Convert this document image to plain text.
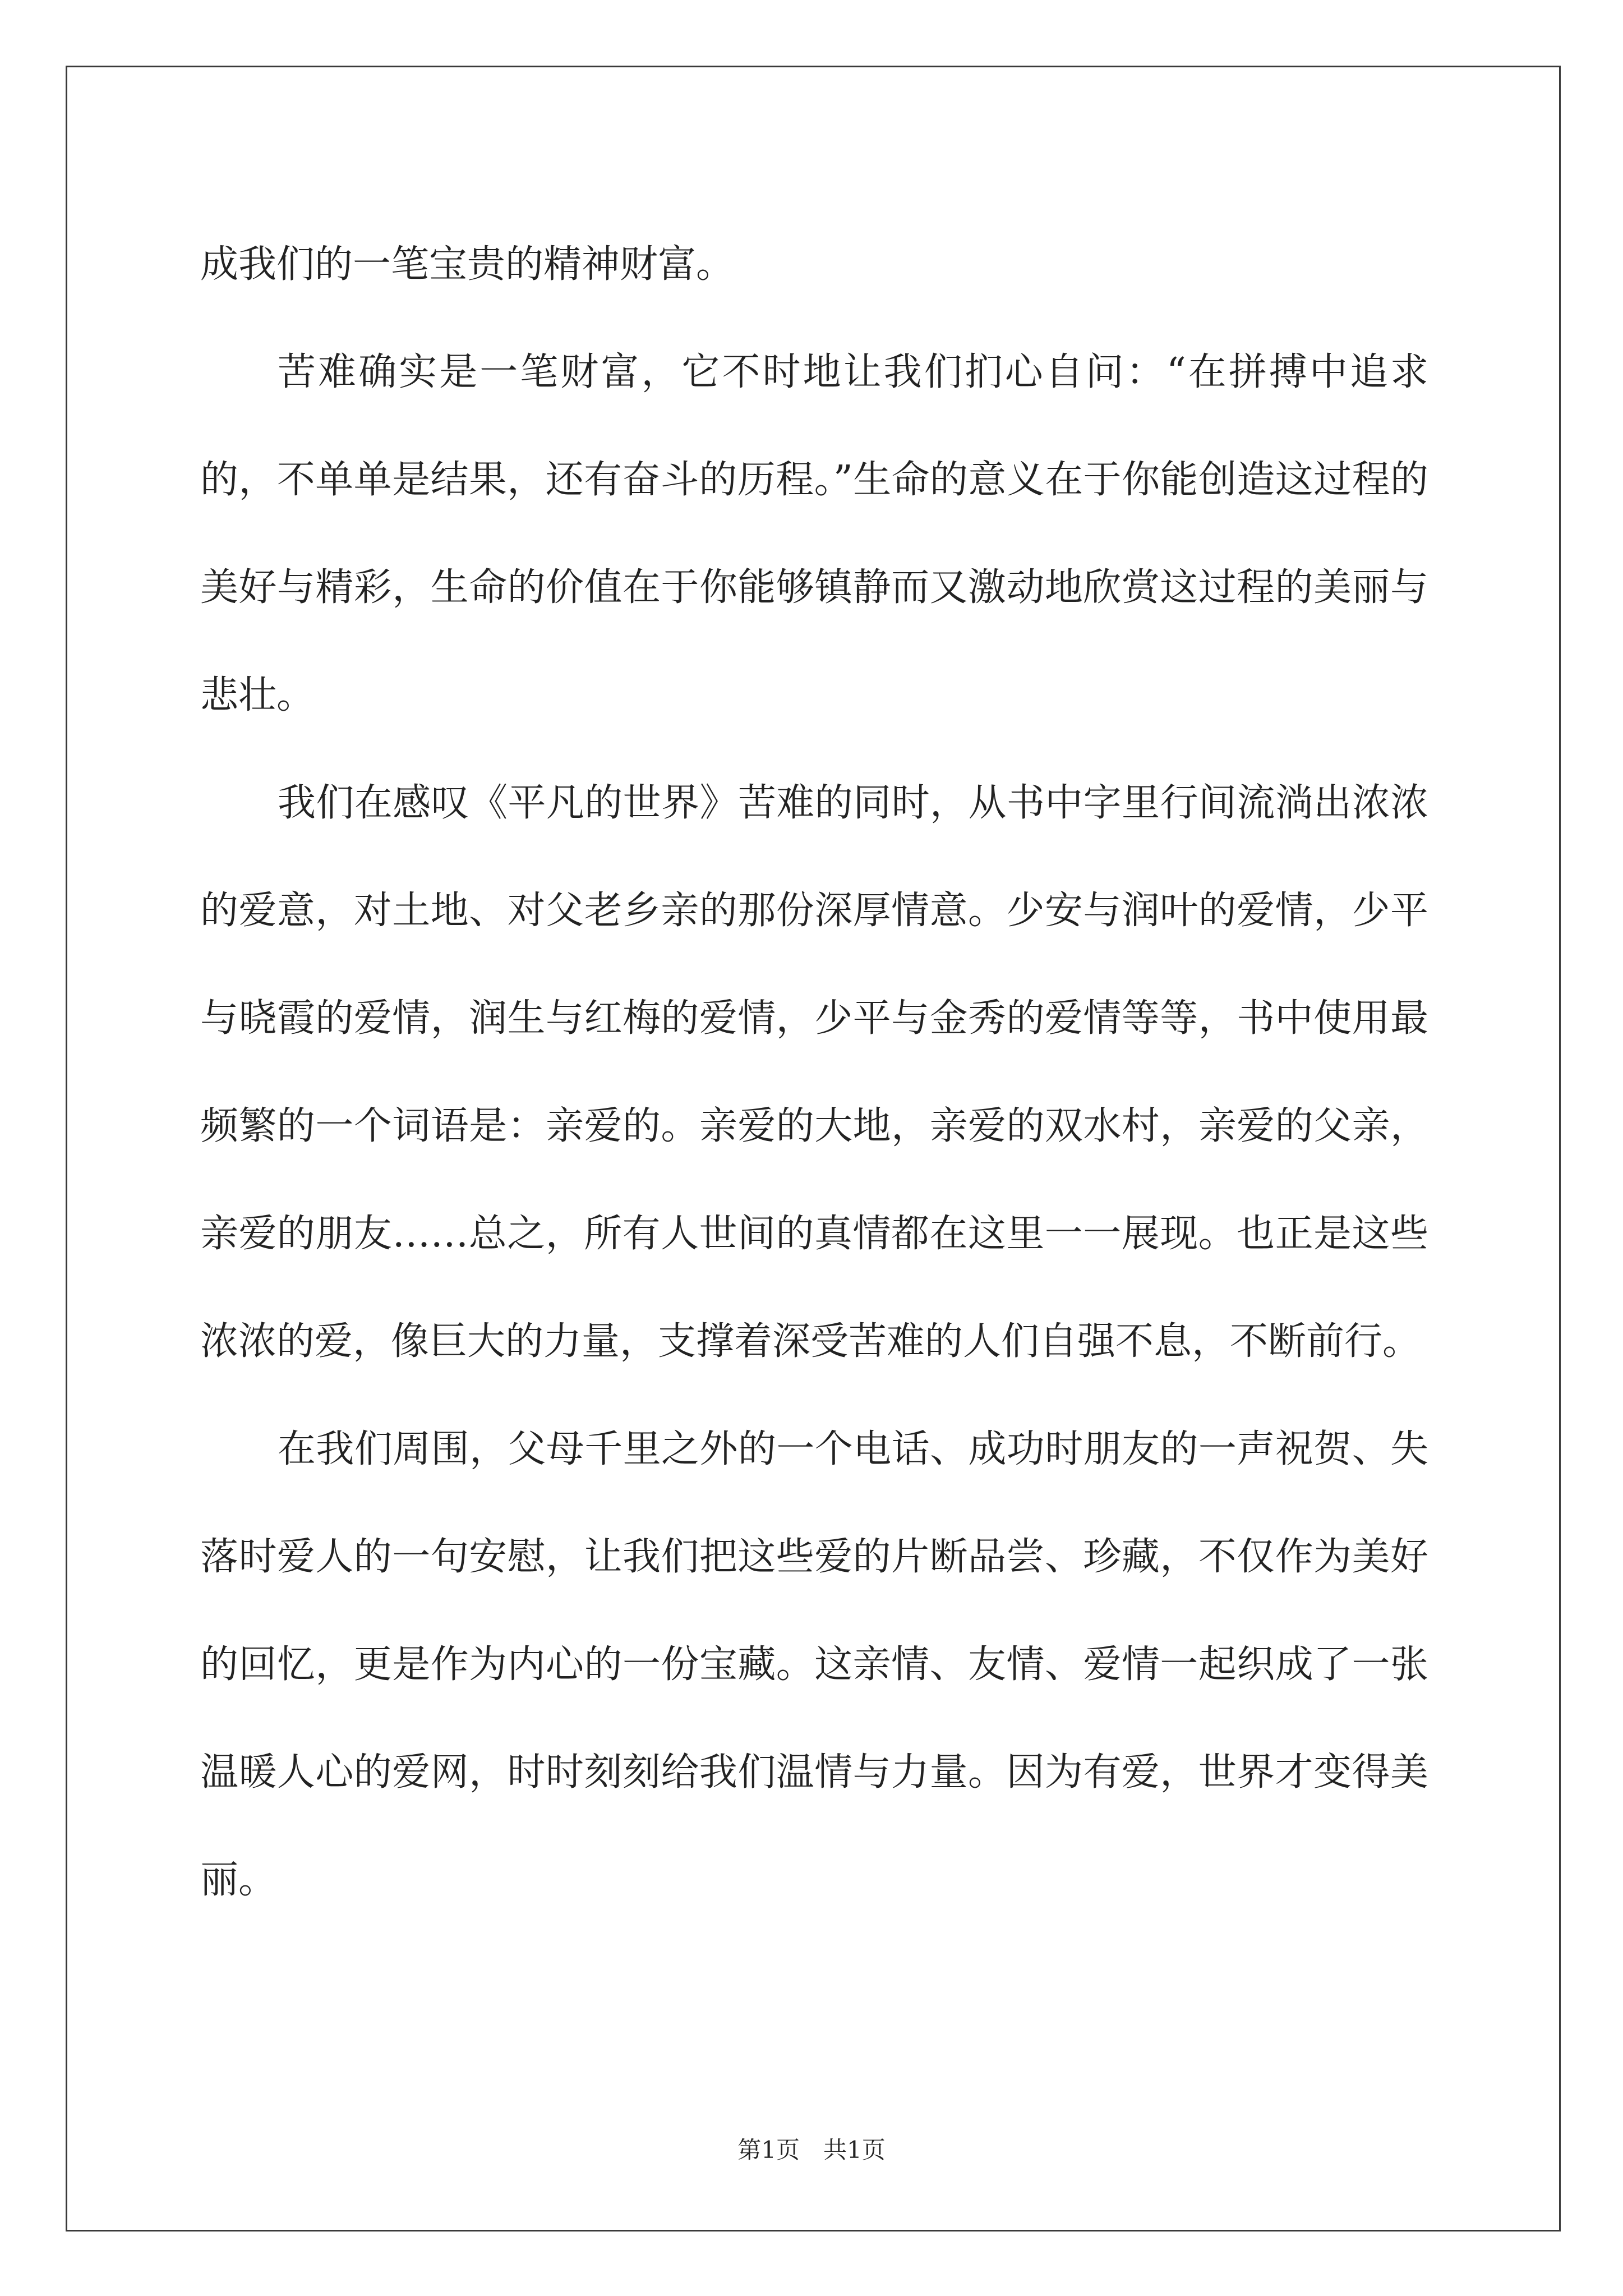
成我们的一笔宝贵的精神财富。

苦难确实是一笔财富，它不时地让我们扪心自问：“在拼搏中追求的，不单单是结果，还有奋斗的历程。”生命的意义在于你能创造这过程的美好与精彩，生命的价值在于你能够镇静而又激动地欣赏这过程的美丽与悲壮。

我们在感叹《平凡的世界》苦难的同时，从书中字里行间流淌出浓浓的爱意，对土地、对父老乡亲的那份深厚情意。少安与润叶的爱情，少平与晓霞的爱情，润生与红梅的爱情，少平与金秀的爱情等等，书中使用最频繁的一个词语是：亲爱的。亲爱的大地，亲爱的双水村，亲爱的父亲，亲爱的朋友……总之，所有人世间的真情都在这里一一展现。也正是这些浓浓的爱，像巨大的力量，支撑着深受苦难的人们自强不息，不断前行。

在我们周围，父母千里之外的一个电话、成功时朋友的一声祝贺、失落时爱人的一句安慰，让我们把这些爱的片断品尝、珍藏，不仅作为美好的回忆，更是作为内心的一份宝藏。这亲情、友情、爱情一起织成了一张温暖人心的爱网，时时刻刻给我们温情与力量。因为有爱，世界才变得美丽。

第1页　共1页
